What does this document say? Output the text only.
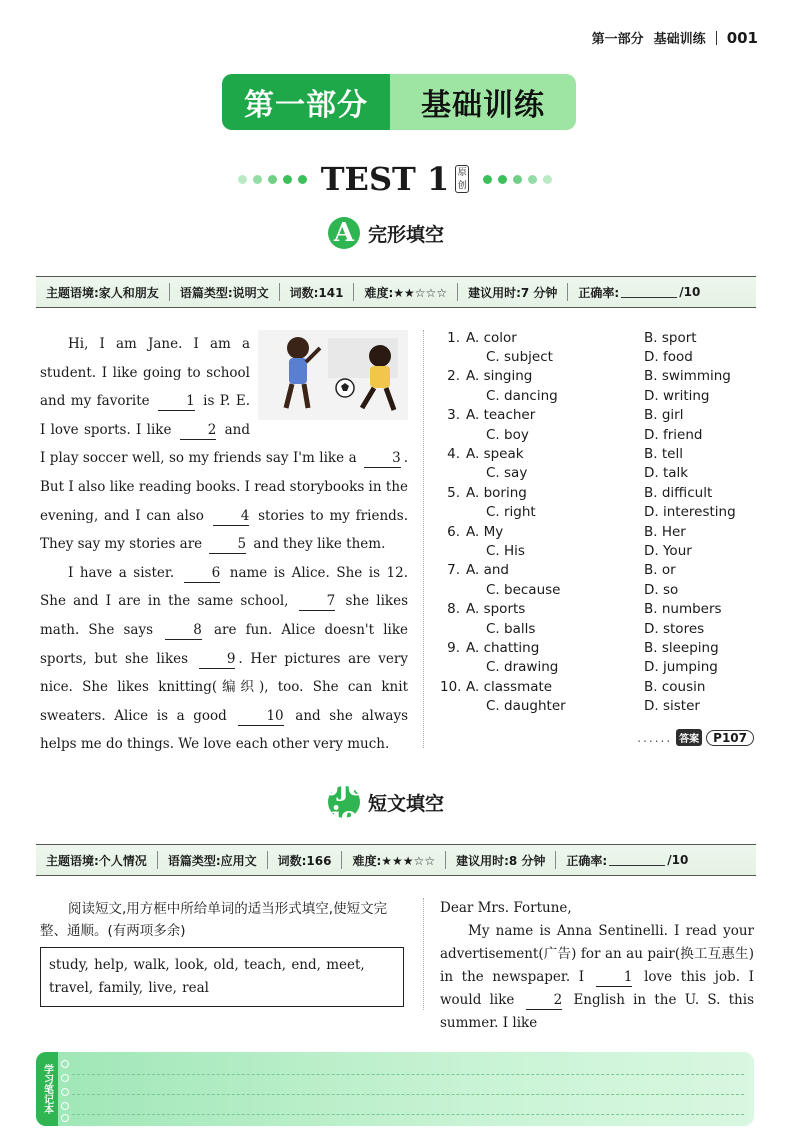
第一部分 基础训练 001
第一部分	基础训练
TEST 1 原创
A 完形填空
主题语境:家人和朋友	语篇类型:说明文	词数:141	难度:★★☆☆☆	建议用时:7 分钟	正确率:	/10

Hi, I am Jane. I am a student. I like going to school and my favorite	1 is P. E. I love sports. I like	2 and I play soccer well, so my friends say I'm like a	3 . But I also like reading books. I read storybooks in the evening, and I can also	4 stories to my friends. They say my stories are	5 and they like them.

I have a sister.	6 name is Alice. She is 12. She and I are in the same school,	7 she likes math. She says	8 are fun. Alice doesn't like sports, but she likes	9 . Her pictures are very nice. She likes knitting(编织), too. She can knit sweaters. Alice is a good	10 and she always helps me do things. We love each other very much.

1. A. color	B. sport
C. subject	D. food
2. A. singing	B. swimming
C. dancing	D. writing
3. A. teacher	B. girl
C. boy	D. friend
4. A. speak	B. tell
C. say	D. talk
5. A. boring	B. difficult
C. right	D. interesting
6. A. My	B. Her
C. His	D. Your
7. A. and	B. or
C. because	D. so
8. A. sports	B. numbers
C. balls	D. stores
9. A. chatting	B. sleeping
C. drawing	D. jumping
10. A. classmate	B. cousin
C. daughter	D. sister
...... 答案	P107
[object Object]
短文填空
主题语境:个人情况	语篇类型:应用文	词数:166	难度:★★★☆☆	建议用时:8 分钟	正确率:	/10
阅读短文,用方框中所给单词的适当形式填空,使短文完整、通顺。(有两项多余)
study, help, walk, look, old, teach, end, meet, travel, family, live, real

Dear Mrs. Fortune,

My name is Anna Sentinelli. I read your advertisement(广告) for an au pair(换工互惠生) in the newspaper. I	1 love this job. I would like	2 English in the U. S. this summer. I like

学习笔记本
